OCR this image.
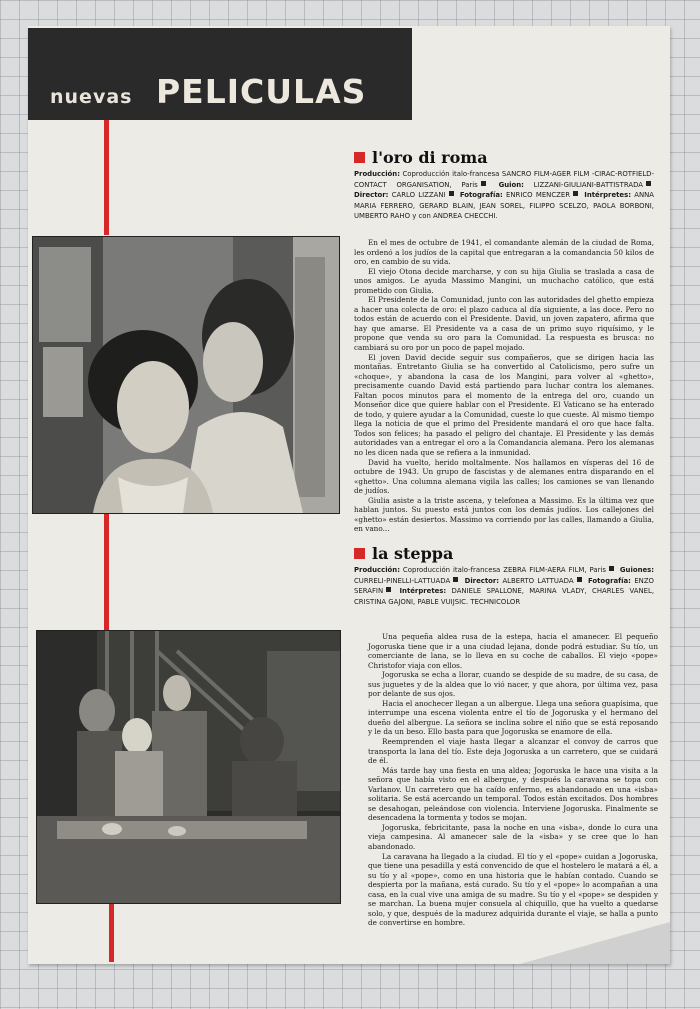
nuevas PELICULAS
l'oro di roma
Producción: Coproducción italo-francesa SANCRO FILM-AGER FILM -CIRAC-ROTFIELD-CONTACT ORGANISATION, Paris	Guion: LIZZANI-GIULIANI-BATTISTRADA Director: CARLO LIZZANI Fotografía: ENRICO MENCZER Intérpretes: ANNA MARIA FERRERO, GERARD BLAIN, JEAN SOREL, FILIPPO SCELZO, PAOLA BORBONI, UMBERTO RAHO y con ANDREA CHECCHI.

En el mes de octubre de 1941, el comandante alemán de la ciudad de Roma, les ordenó a los judíos de la capital que entregaran a la comandancia 50 kilos de oro, en cambio de su vida.

El viejo Otona decide marcharse, y con su hija Giulia se traslada a casa de unos amigos. Le ayuda Massimo Mangini, un muchacho católico, que está prometido con Giulia.

El Presidente de la Comunidad, junto con las autoridades del ghetto empieza a hacer una colecta de oro: el plazo caduca al día siguiente, a las doce. Pero no todos están de acuerdo con el Presidente. David, un joven zapatero, afirma que hay que amarse. El Presidente va a casa de un primo suyo riquísimo, y le propone que venda su oro para la Comunidad. La respuesta es brusca: no cambiará su oro por un poco de papel mojado.

El joven David decide seguir sus compañeros, que se dirigen hacia las montañas. Entretanto Giulia se ha convertido al Catolicismo, pero sufre un «choque», y abandona la casa de los Mangini, para volver al «ghetto», precisamente cuando David está partiendo para luchar contra los alemanes. Faltan pocos minutos para el momento de la entrega del oro, cuando un Monseñor dice que quiere hablar con el Presidente. El Vaticano se ha enterado de todo, y quiere ayudar a la Comunidad, cueste lo que cueste. Al mismo tiempo llega la noticia de que el primo del Presidente mandará el oro que hace falta. Todos son felices; ha pasado el peligro del chantaje. El Presidente y las demás autoridades van a entregar el oro a la Comandancia alemana. Pero los alemanas no les dicen nada que se refiera a la inmunidad.

David ha vuelto, herido moltalmente. Nos hallamos en vísperas del 16 de octubre de 1943. Un grupo de fascistas y de alemanes entra disparando en el «ghetto». Una columna alemana vigila las calles; los camiones se van llenando de judíos.

Giulia asiste a la triste ascena, y telefonea a Massimo. Es la última vez que hablan juntos. Su puesto está juntos con los demás judíos. Los callejones del «ghetto» están desiertos. Massimo va corriendo por las calles, llamando a Giulia, en vano...

la steppa
Producción: Coproducción italo-francesa ZEBRA FILM-AERA FILM, Paris Guiones: CURRELI-PINELLI-LATTUADA Director: ALBERTO LATTUADA Fotografía: ENZO SERAFIN Intérpretes: DANIELE SPALLONE, MARINA VLADY, CHARLES VANEL, CRISTINA GAJONI, PABLE VUIJSIC. TECHNICOLOR

Una pequeña aldea rusa de la estepa, hacia el amanecer. El pequeño Jogoruska tiene que ir a una ciudad lejana, donde podrá estudiar. Su tío, un comerciante de lana, se lo lleva en su coche de caballos. El viejo «pope» Christofor viaja con ellos.

Jogoruska se echa a llorar, cuando se despide de su madre, de su casa, de sus juguetes y de la aldea que lo vió nacer, y que ahora, por última vez, pasa por delante de sus ojos.

Hacia el anochecer llegan a un albergue. Llega una señora guapísima, que interrumpe una escena violenta entre el tío de Jogoruska y el hermano del dueño del albergue. La señora se inclina sobre el niño que se está reposando y le da un beso. Ello basta para que Jogoruska se enamore de ella.

Reemprenden el viaje hasta llegar a alcanzar el convoy de carros que transporta la lana del tío. Este deja Jogoruska a un carretero, que se cuidará de él.

Más tarde hay una fiesta en una aldea; Jogoruska le hace una visita a la señora que había visto en el albergue, y después la caravana se topa con Varlanov. Un carretero que ha caído enfermo, es abandonado en una «isba» solitaria. Se está acercando un temporal. Todos están excitados. Dos hombres se desahogan, peleándose con violencia. Interviene Jogoruska. Finalmente se desencadena la tormenta y todos se mojan.

Jogoruska, febricitante, pasa la noche en una «isba», donde lo cura una vieja campesina. Al amanecer sale de la «isba» y se cree que lo han abandonado.

La caravana ha llegado a la ciudad. El tío y el «pope» cuidan a Jogoruska, que tiene una pesadilla y está convencido de que el hostelero le matará a él, a su tío y al «pope», como en una historia que le habían contado. Cuando se despierta por la mañana, está curado. Su tío y el «pope» lo acompañan a una casa, en la cual vive una amiga de su madre. Su tío y el «pope» se despiden y se marchan. La buena mujer consuela al chiquillo, que ha vuelto a quedarse solo, y que, después de la madurez adquirida durante el viaje, se halla a punto de convertirse en hombre.
